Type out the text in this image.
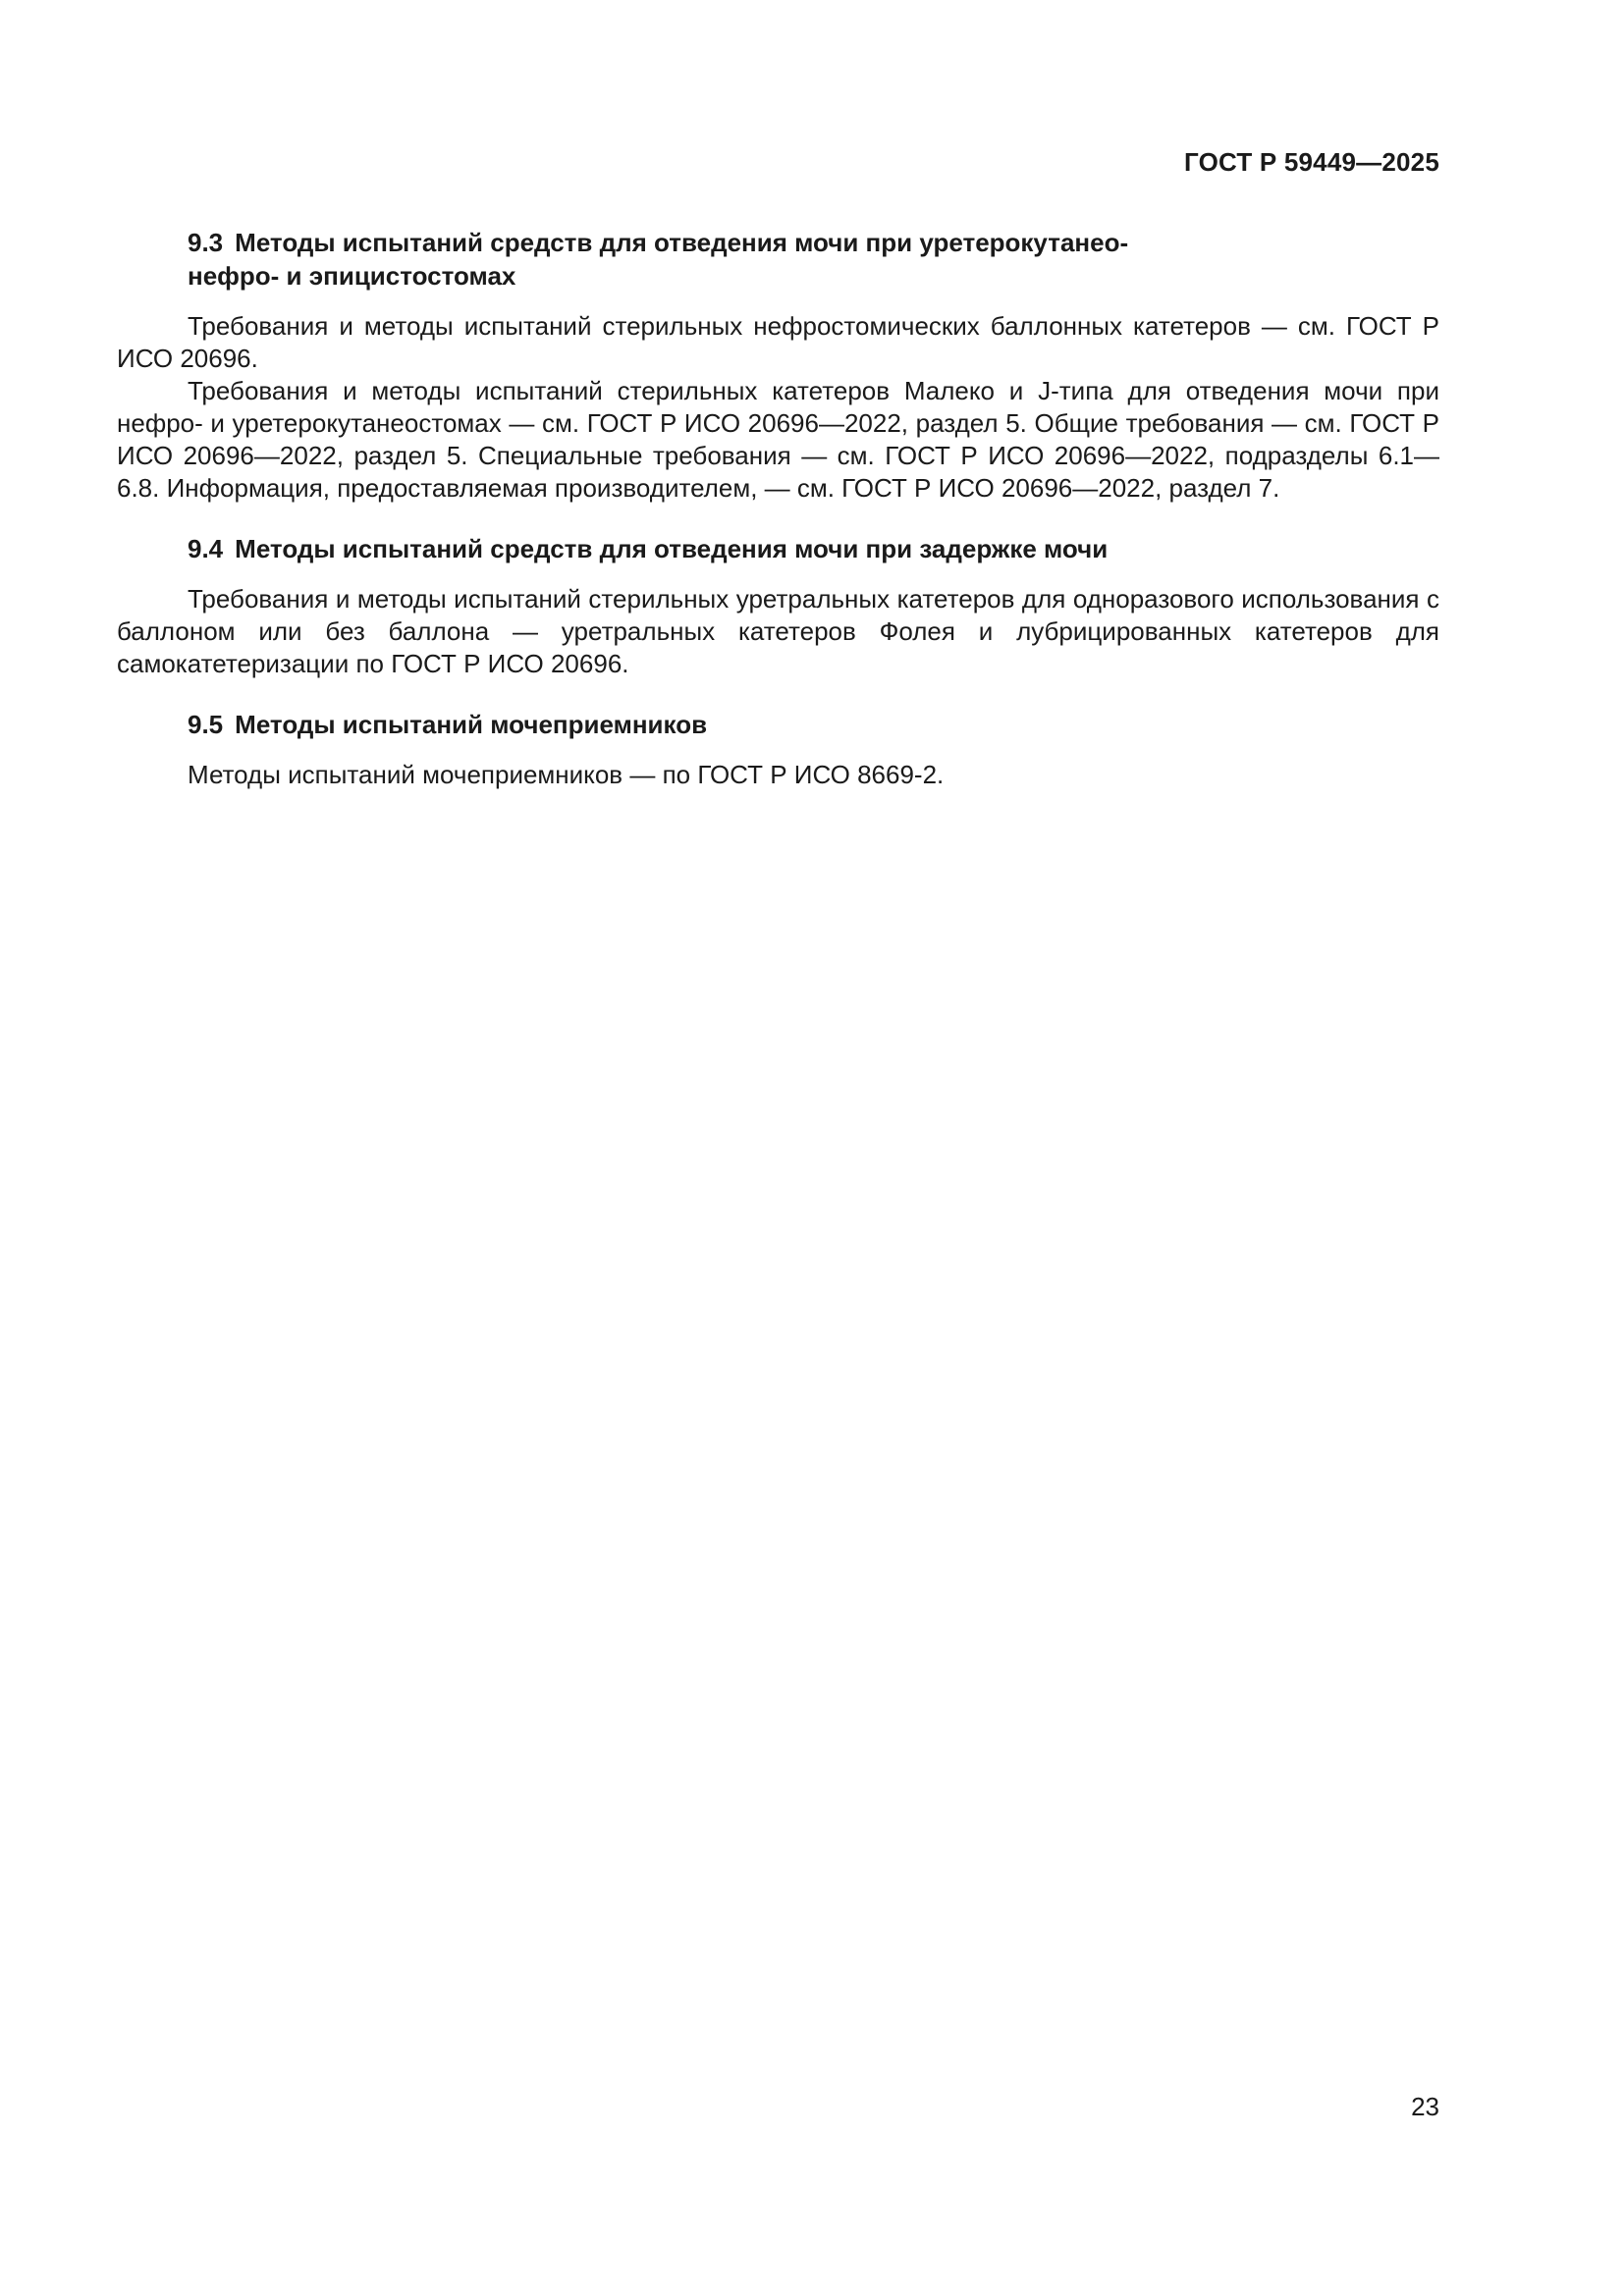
ГОСТ Р 59449—2025
9.3 Методы испытаний средств для отведения мочи при уретерокутанео-
нефро- и эпицистостомах

Требования и методы испытаний стерильных нефростомических баллонных катетеров — см. ГОСТ Р ИСО 20696.

Требования и методы испытаний стерильных катетеров Малеко и J-типа для отведения мочи при нефро- и уретерокутанеостомах — см. ГОСТ Р ИСО 20696—2022, раздел 5. Общие требования — см. ГОСТ Р ИСО 20696—2022, раздел 5. Специальные требования — см. ГОСТ Р ИСО 20696—2022, подразделы 6.1—6.8. Информация, предоставляемая производителем, — см. ГОСТ Р ИСО 20696—2022, раздел 7.

9.4 Методы испытаний средств для отведения мочи при задержке мочи

Требования и методы испытаний стерильных уретральных катетеров для одноразового использования с баллоном или без баллона — уретральных катетеров Фолея и лубрицированных катетеров для самокатетеризации по ГОСТ Р ИСО 20696.

9.5 Методы испытаний мочеприемников

Методы испытаний мочеприемников — по ГОСТ Р ИСО 8669-2.

23
